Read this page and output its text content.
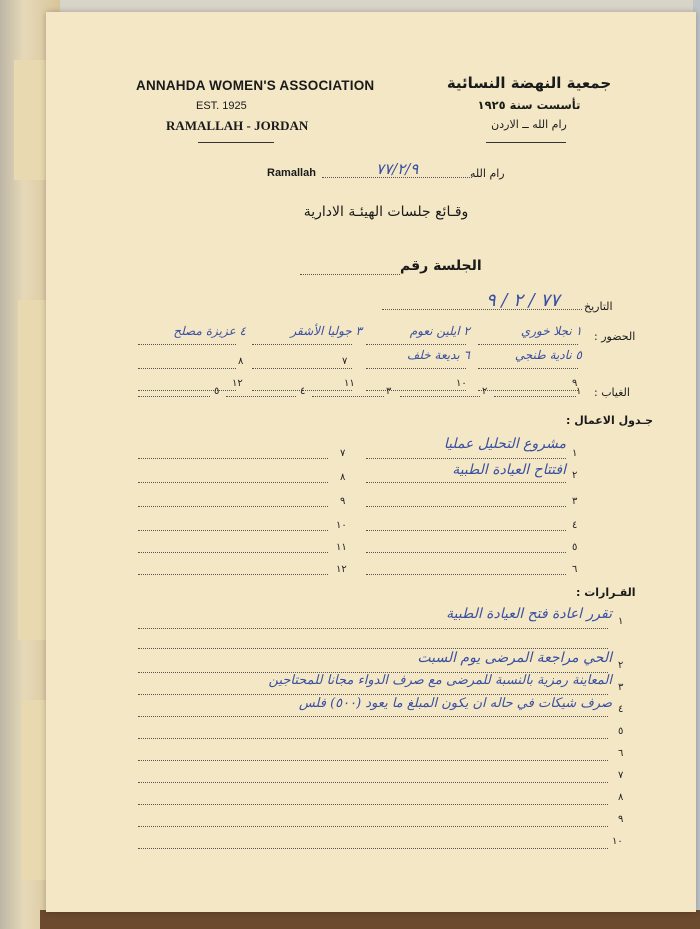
ANNAHDA WOMEN'S ASSOCIATION
EST. 1925
RAMALLAH - JORDAN
جمعية النهضة النسائية
تأسست سنة ١٩٢٥
رام الله ــ الاردن
Ramallah	٧٧/٢/٩	رام الله
وقـائع جلسات الهيئـة الادارية
الجلسة رقم
٧٧ / ٢ / ٩ التاريخ
الحضور :
١ نجلا خوري
٢ ايلين نعوم
٣ جوليا الأشقر
٤ عزيزة مصلح
٥ نادية طنجي
٦ بديعة خلف
٧
٨
٩
١٠
١١
١٢
الغياب :
١
٢
٣
٤
٥
جـدول الاعمال :
١
مشروع التحليل عمليا
٢
افتتاح العيادة الطبية
٣
٤
٥
٦
٧
٨
٩
١٠
١١
١٢
القـرارات :
١
تقرر اعادة فتح العيادة الطبية
٢
الحي مراجعة المرضى يوم السبت
٣
المعاينة رمزية بالنسبة للمرضى مع صرف الدواء مجانا للمحتاجين
٤
صرف شيكات في حاله ان يكون المبلغ ما يعود (٥٠٠) فلس
٥
٦
٧
٨
٩
١٠
